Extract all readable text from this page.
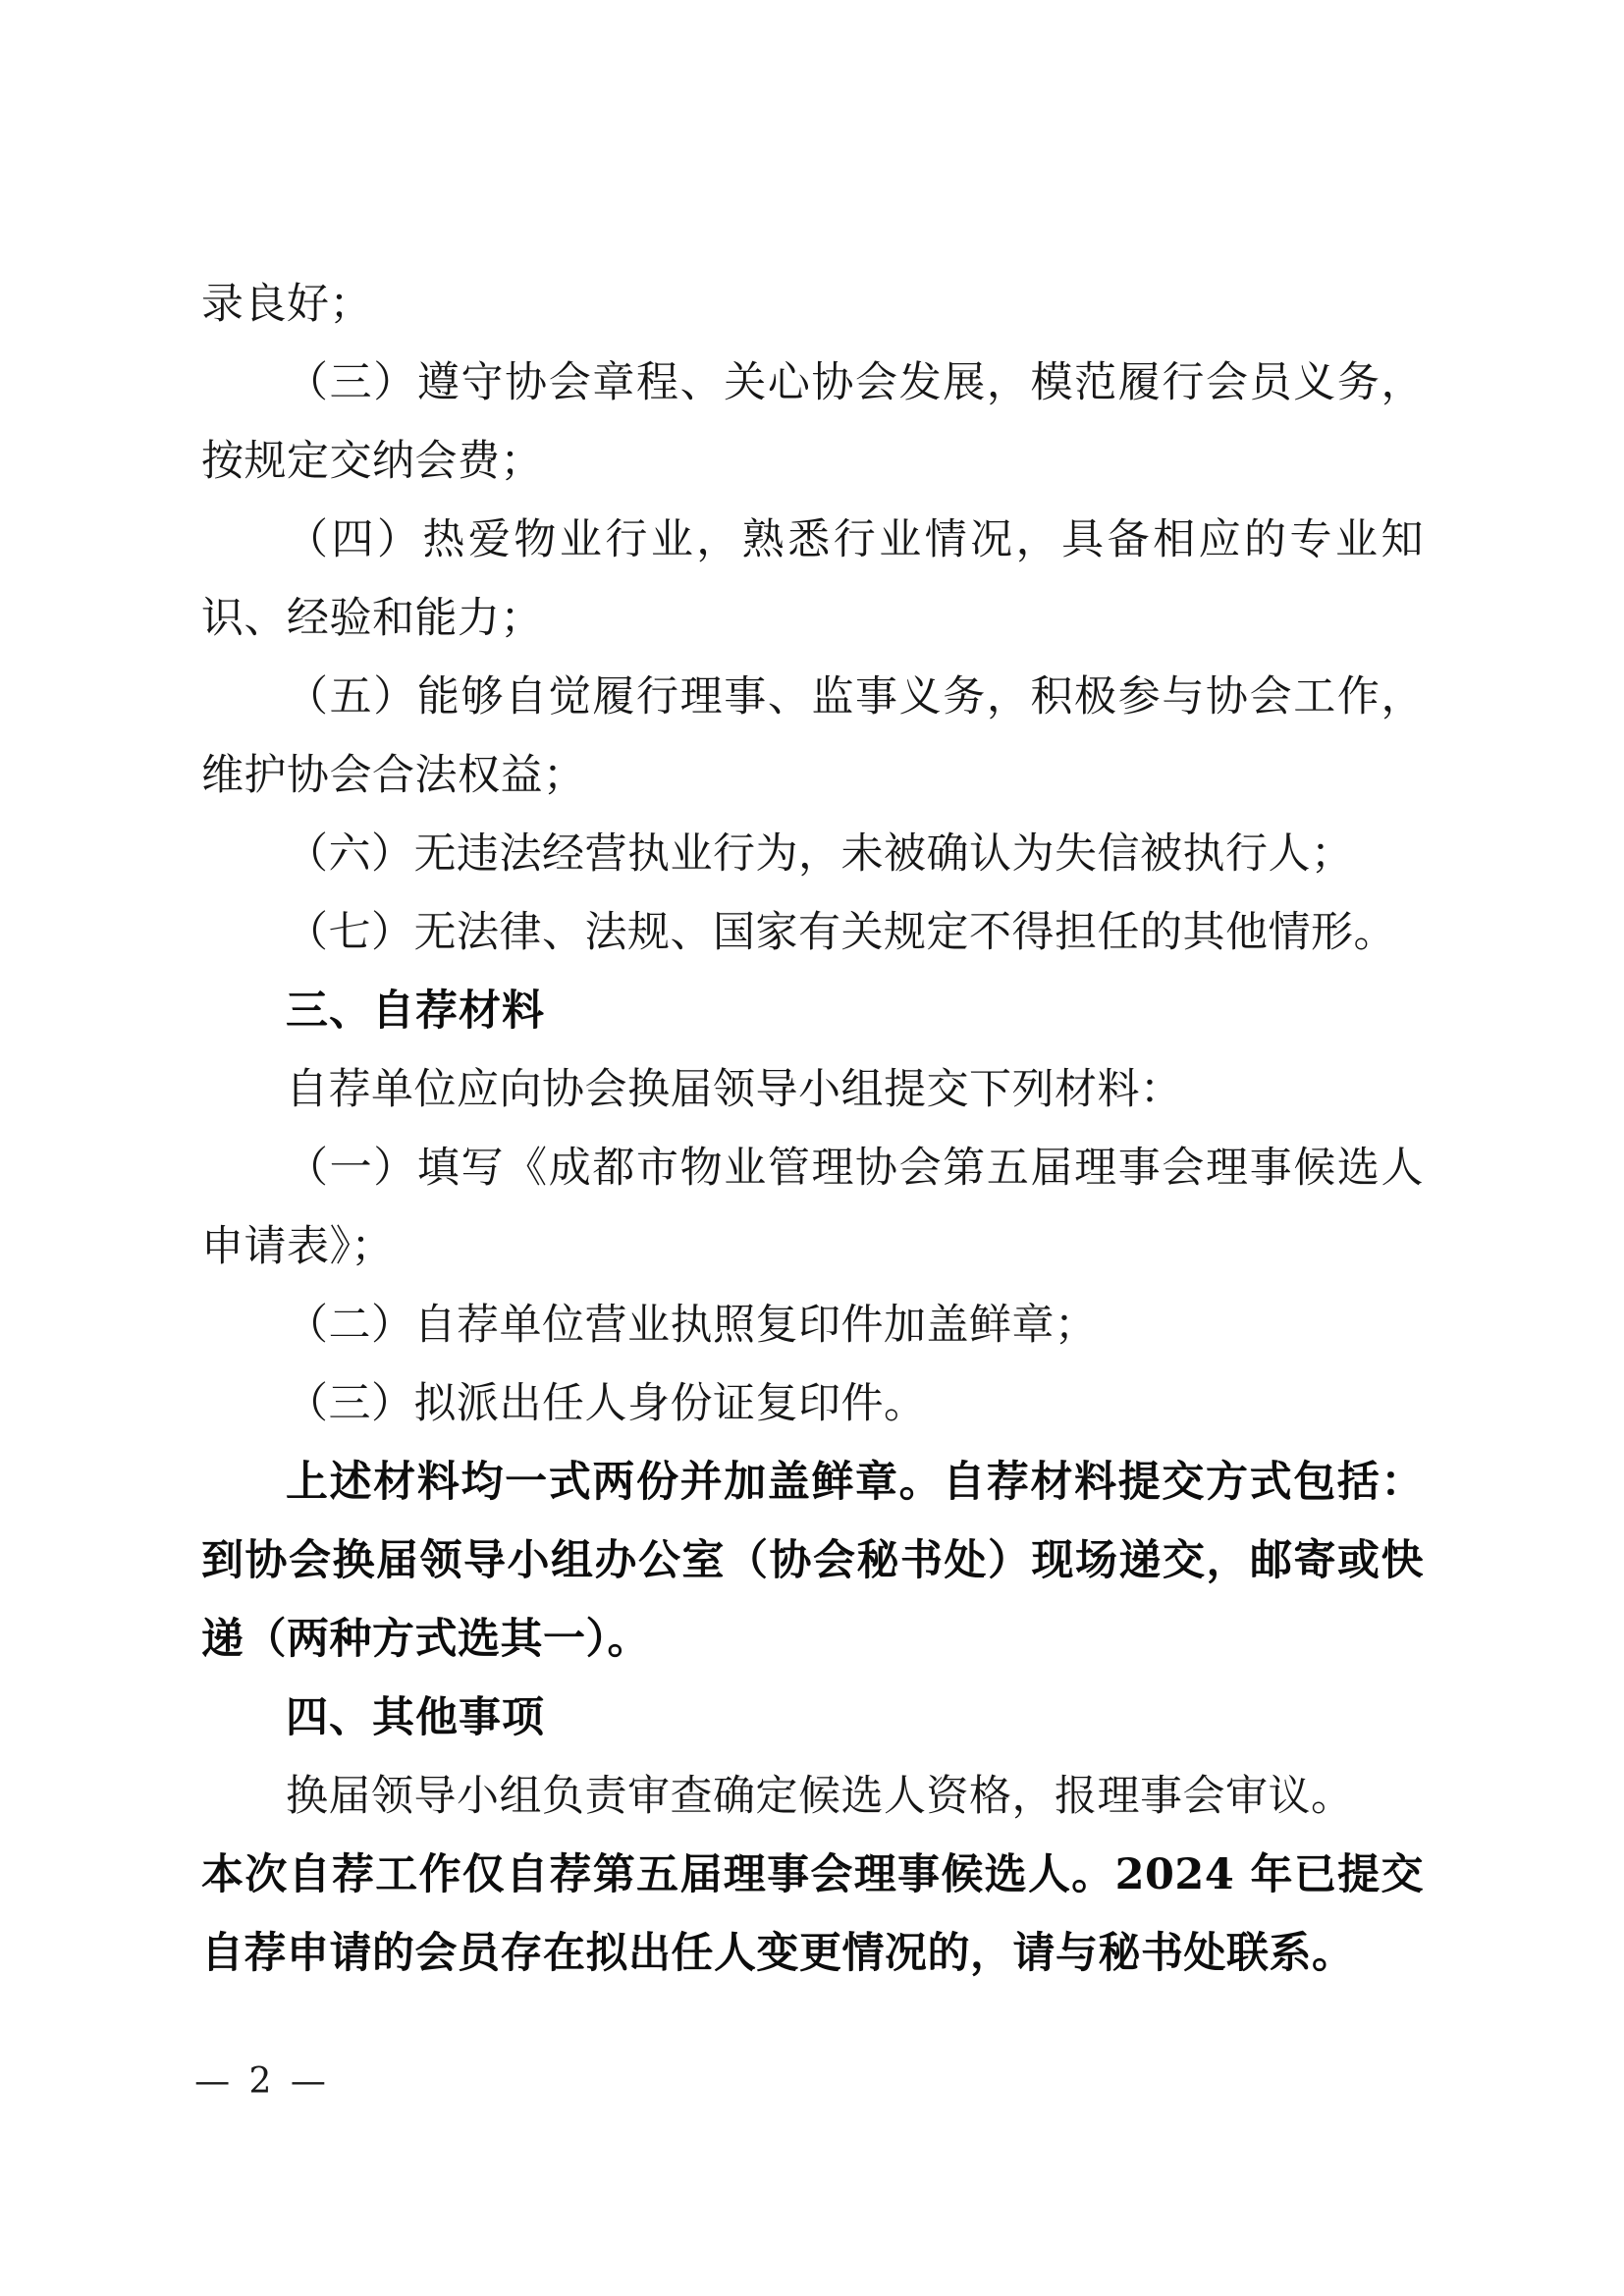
录良好；

（三）遵守协会章程、关心协会发展，模范履行会员义务，按规定交纳会费；

（四）热爱物业行业，熟悉行业情况，具备相应的专业知识、经验和能力；

（五）能够自觉履行理事、监事义务，积极参与协会工作，维护协会合法权益；

（六）无违法经营执业行为，未被确认为失信被执行人；

（七）无法律、法规、国家有关规定不得担任的其他情形。

三、自荐材料

自荐单位应向协会换届领导小组提交下列材料：

（一）填写《成都市物业管理协会第五届理事会理事候选人申请表》；

（二）自荐单位营业执照复印件加盖鲜章；

（三）拟派出任人身份证复印件。

上述材料均一式两份并加盖鲜章。自荐材料提交方式包括：到协会换届领导小组办公室（协会秘书处）现场递交，邮寄或快递（两种方式选其一）。

四、其他事项

换届领导小组负责审查确定候选人资格，报理事会审议。

本次自荐工作仅自荐第五届理事会理事候选人。2024 年已提交自荐申请的会员存在拟出任人变更情况的，请与秘书处联系。

— 2 —
